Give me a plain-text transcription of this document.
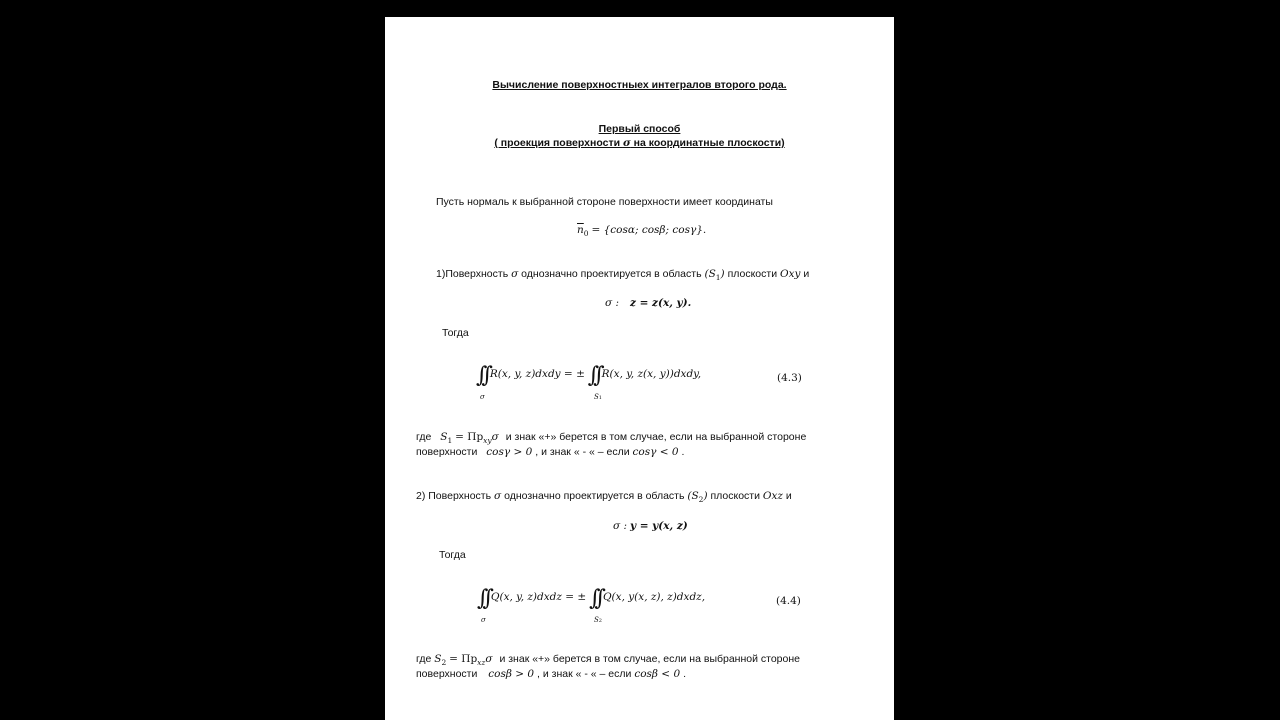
Вычисление поверхностныех интегралов второго рода.
Первый способ
( проекция поверхности σ на координатные плоскости)
Пусть нормаль к выбранной стороне поверхности имеет координаты
$\overline{n}_0 = \{\cos\alpha$; cosβ; cosγ}.
1)Поверхность σ однозначно проектируется в область $(S_1)$ плоскости Oxy и
σ : z = z(x, y).
Тогда
∫∫ R(x, y, z)dxdy = ± ∫∫ R(x, y, z(x, y))dxdy,
σ	S1
(4.3)
где $S_1 = Пр_{xy}\sigma$ и знак «+» берется в том случае, если на выбранной стороне
поверхности cosγ > 0 , и знак « - « – если cosγ < 0 .
2) Поверхность σ однозначно проектируется в область $(S_2)$ плоскости Oxz и
σ : y = y(x, z)
Тогда
∫∫ Q(x, y, z)dxdz = ± ∫∫ Q(x, y(x, z), z)dxdz,
σ	S2
(4.4)
где $S_2 = Пр_{xz}\sigma$ и знак «+» берется в том случае, если на выбранной стороне
поверхности cosβ > 0 , и знак « - « – если cosβ < 0 .
